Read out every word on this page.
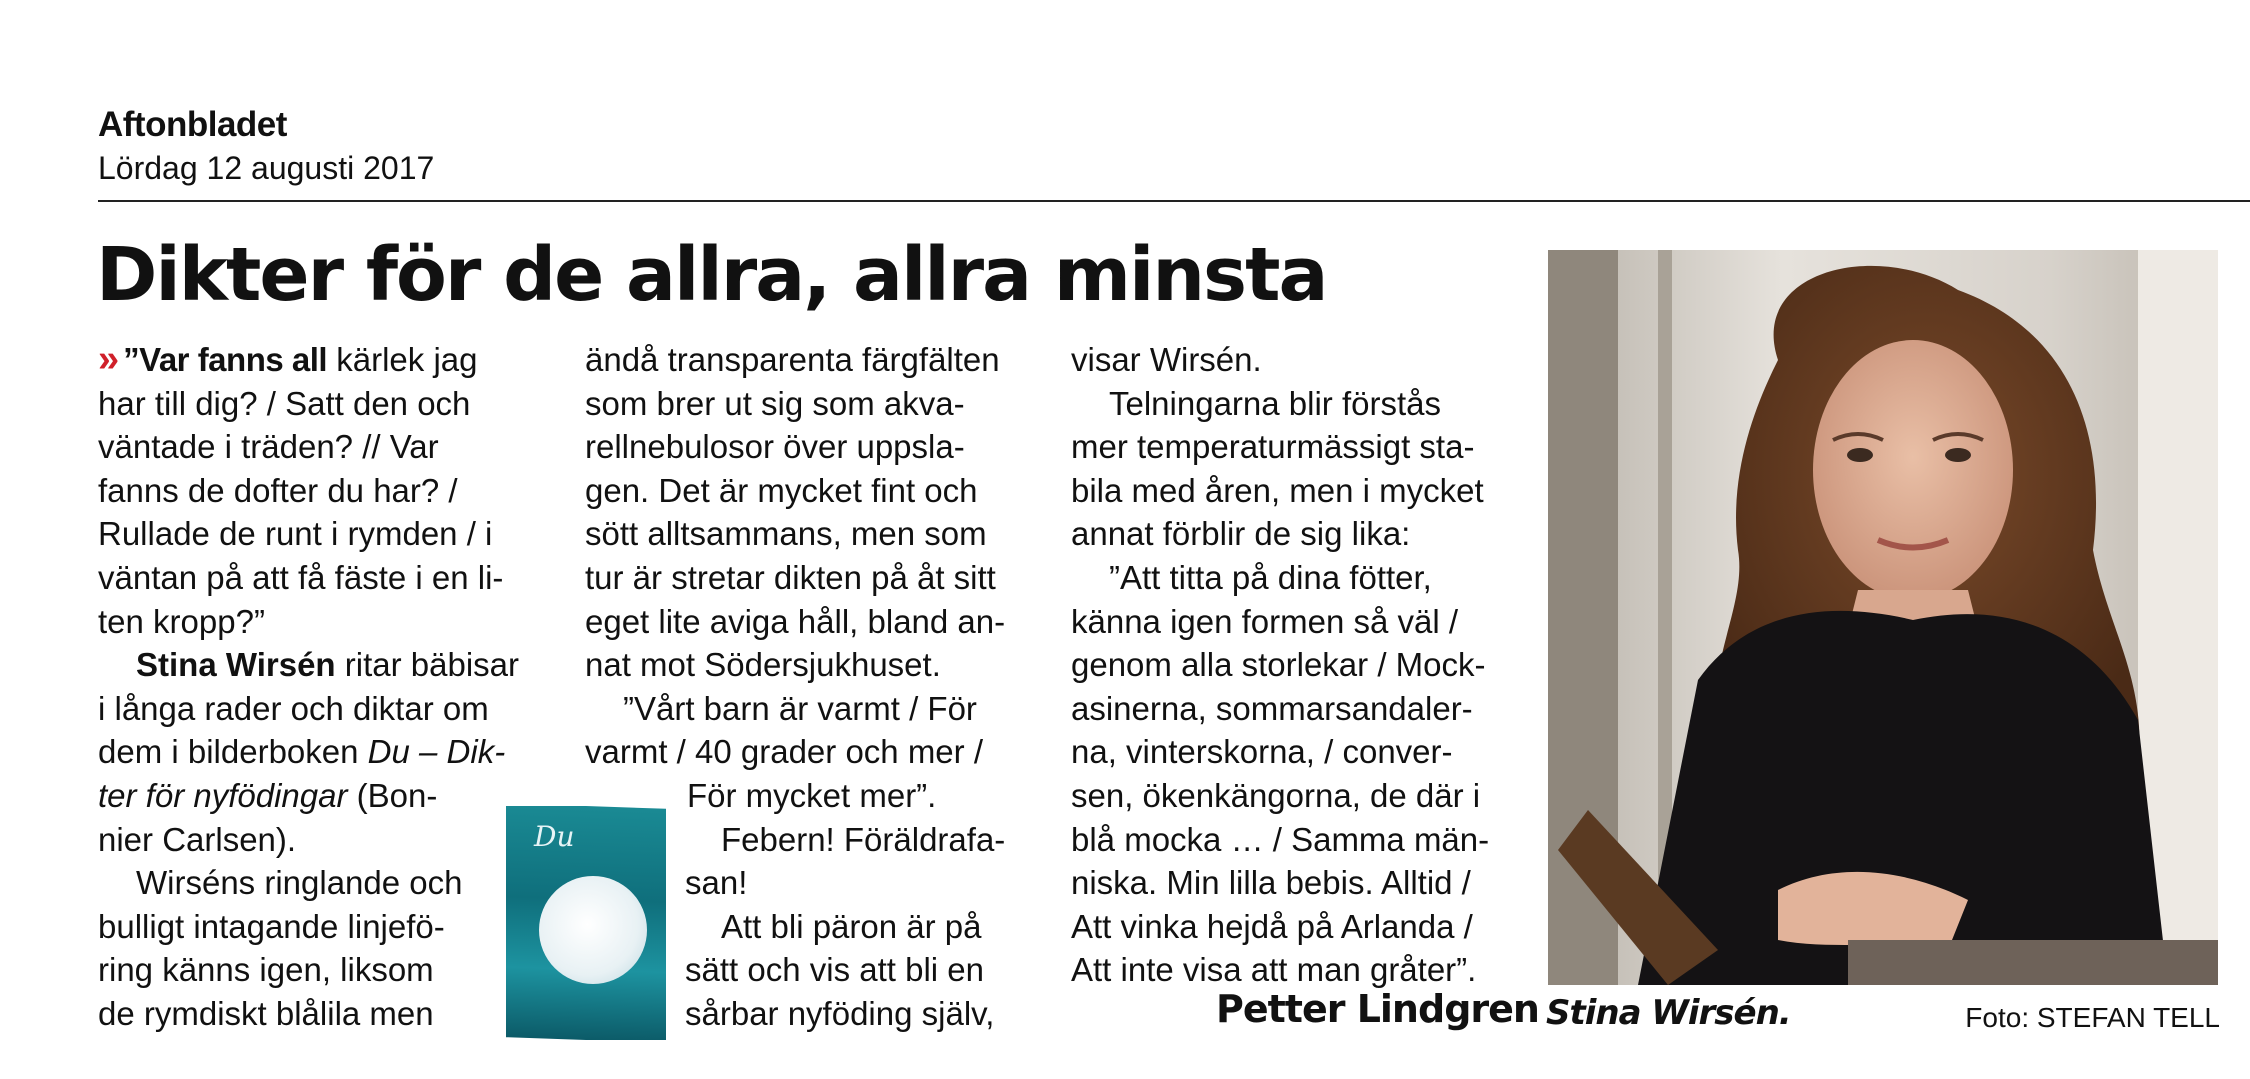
Aftonbladet
Lördag 12 augusti 2017
Dikter för de allra, allra minsta

» ”Var fanns all kärlek jag
har till dig? / Satt den och
väntade i träden? // Var
fanns de dofter du har? /
Rullade de runt i rymden / i
väntan på att få fäste i en li-
ten kropp?”

Stina Wirsén ritar bäbisar
i långa rader och diktar om
dem i bilderboken Du – Dik-
ter för nyfödingar (Bon-
nier Carlsen).

Wirséns ringlande och
bulligt intagande linjefö-
ring känns igen, liksom
de rymdiskt blålila men

ändå transparenta färgfälten
som brer ut sig som akva-
rellnebulosor över uppsla-
gen. Det är mycket fint och
sött alltsammans, men som
tur är stretar dikten på åt sitt
eget lite aviga håll, bland an-
nat mot Södersjukhuset.

”Vårt barn är varmt / För
varmt / 40 grader och mer /
För mycket mer”.

Febern! Föräldrafa-
san!
Att bli päron är på
sätt och vis att bli en
sårbar nyföding själv,

Du

visar Wirsén.

Telningarna blir förstås
mer temperaturmässigt sta-
bila med åren, men i mycket
annat förblir de sig lika:

”Att titta på dina fötter,
känna igen formen så väl /
genom alla storlekar / Mock-
asinerna, sommarsandaler-
na, vinterskorna, / conver-
sen, ökenkängorna, de där i
blå mocka … / Samma män-
niska. Min lilla bebis. Alltid /
Att vinka hejdå på Arlanda /
Att inte visa att man gråter”.

Petter Lindgren Stina Wirsén.	Foto: STEFAN TELL
